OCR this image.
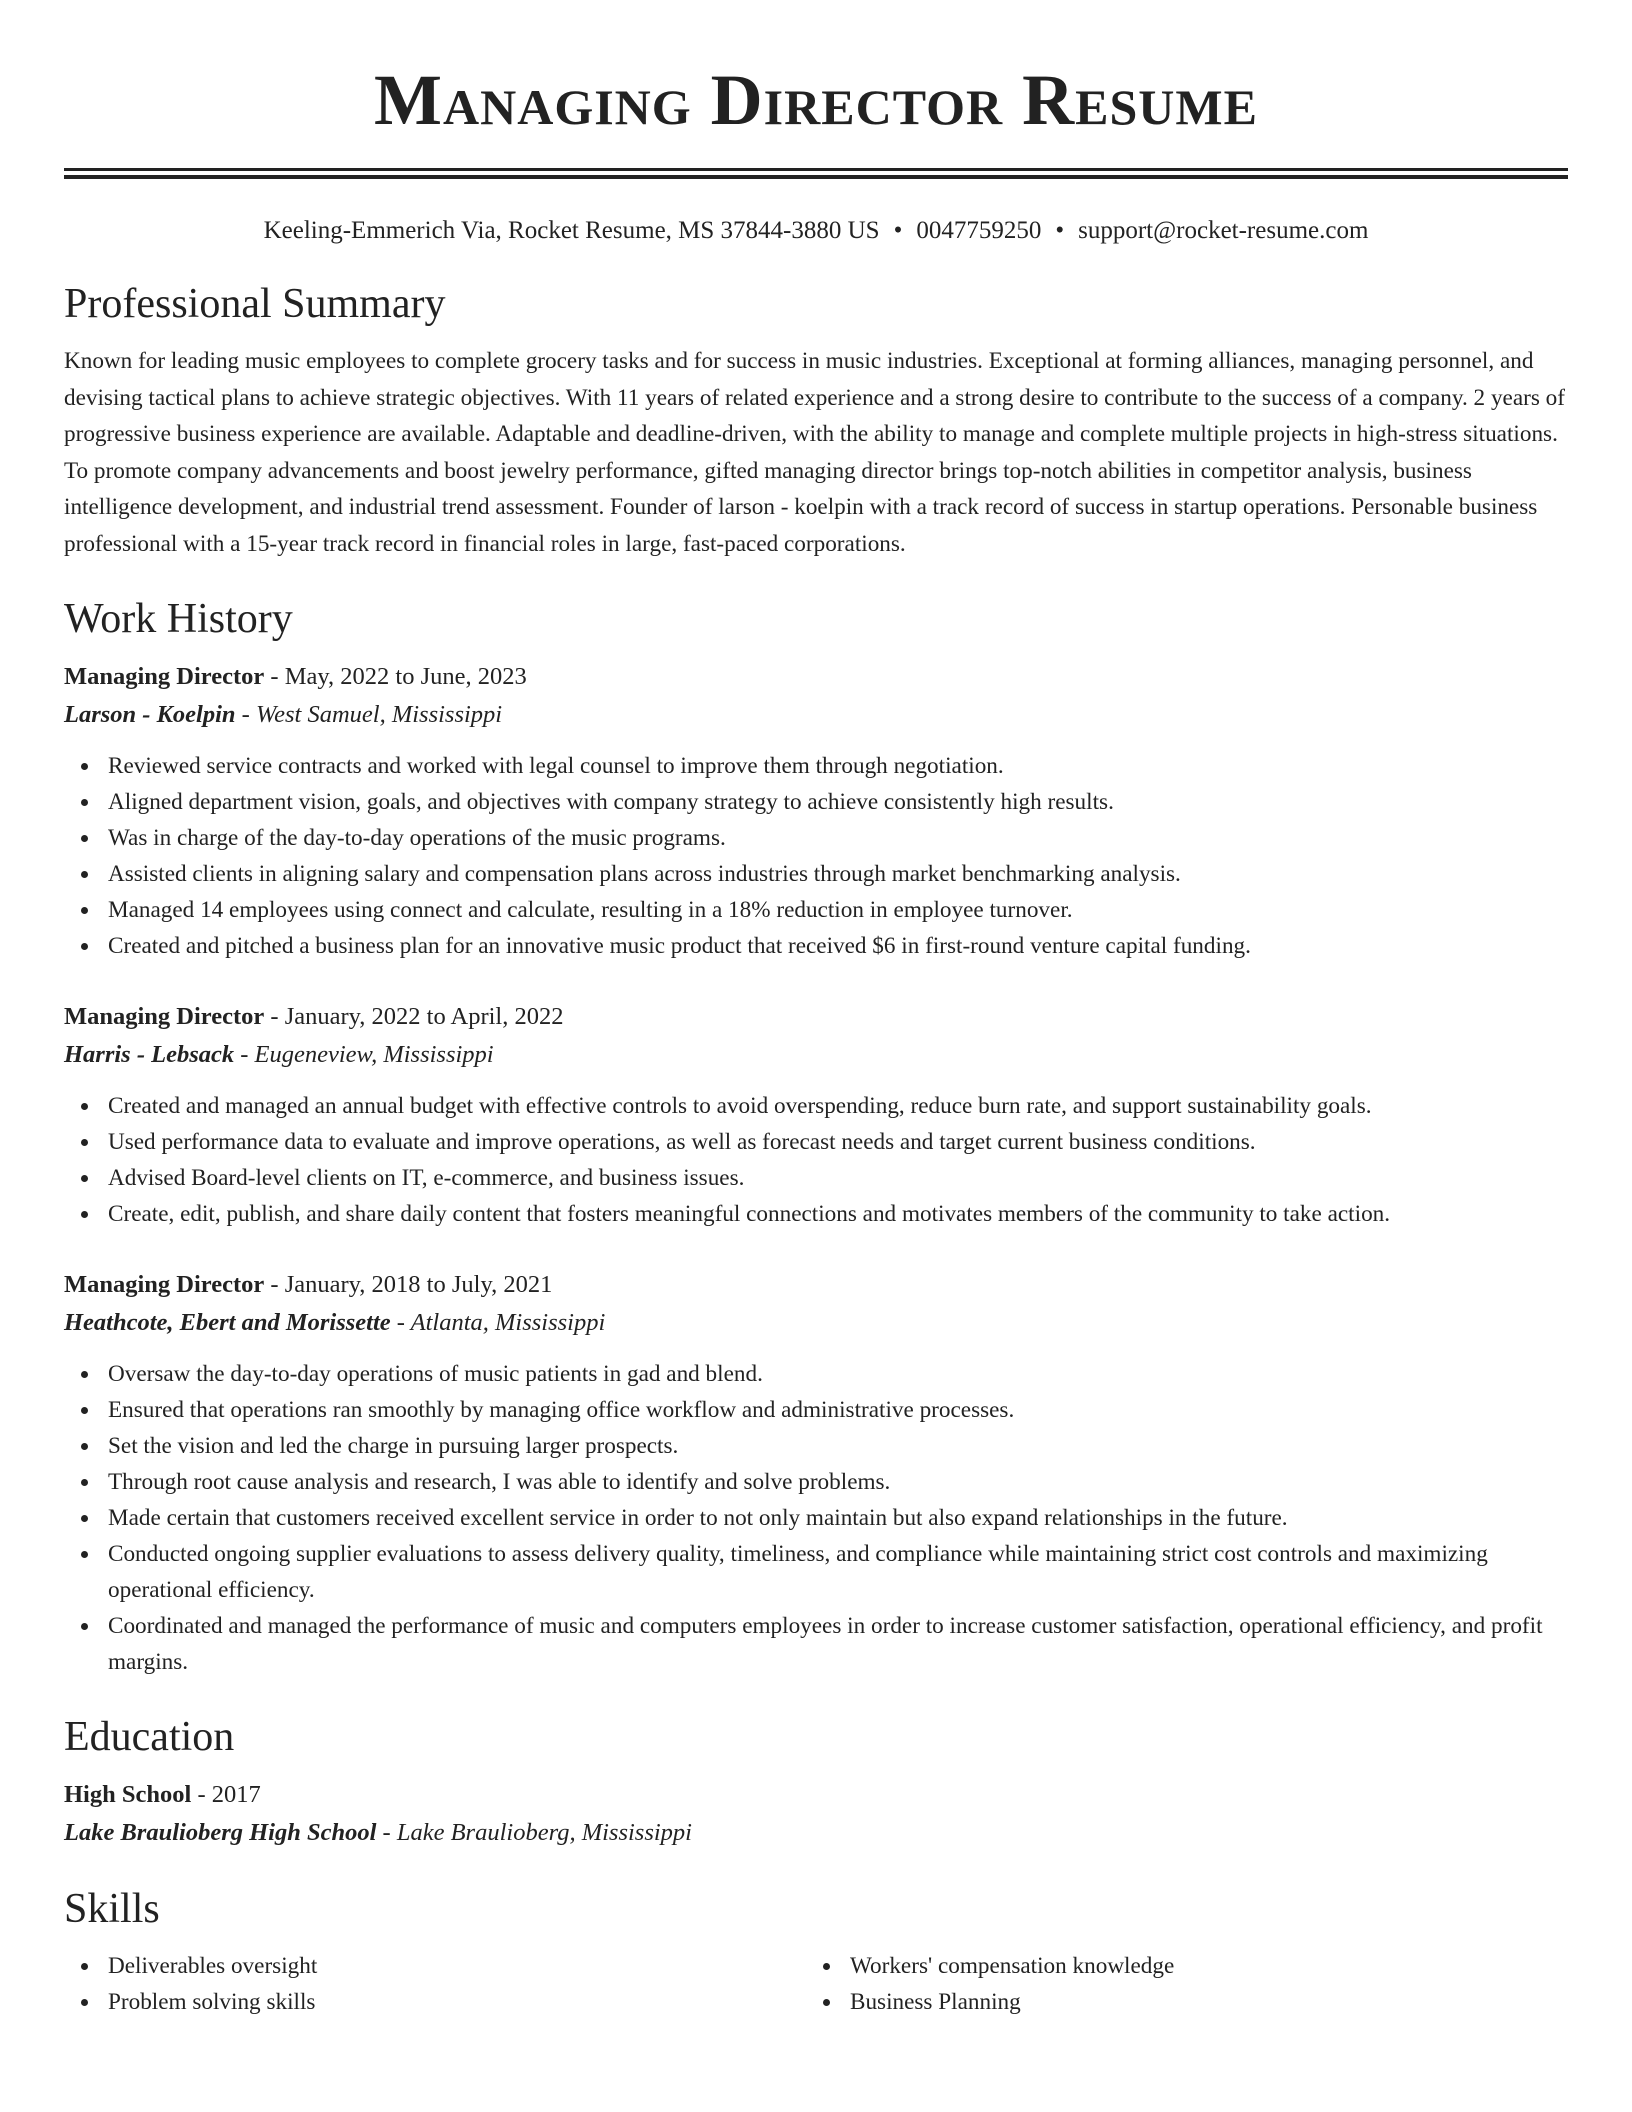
Managing Director Resume
Keeling-Emmerich Via, Rocket Resume, MS 37844-3880 US • 0047759250 • support@rocket-resume.com
Professional Summary

Known for leading music employees to complete grocery tasks and for success in music industries. Exceptional at forming alliances, managing personnel, and devising tactical plans to achieve strategic objectives. With 11 years of related experience and a strong desire to contribute to the success of a company. 2 years of progressive business experience are available. Adaptable and deadline-driven, with the ability to manage and complete multiple projects in high-stress situations. To promote company advancements and boost jewelry performance, gifted managing director brings top-notch abilities in competitor analysis, business intelligence development, and industrial trend assessment. Founder of larson - koelpin with a track record of success in startup operations. Personable business professional with a 15-year track record in financial roles in large, fast-paced corporations.

Work History
Managing Director - May, 2022 to June, 2023
Larson - Koelpin - West Samuel, Mississippi
Reviewed service contracts and worked with legal counsel to improve them through negotiation.
Aligned department vision, goals, and objectives with company strategy to achieve consistently high results.
Was in charge of the day-to-day operations of the music programs.
Assisted clients in aligning salary and compensation plans across industries through market benchmarking analysis.
Managed 14 employees using connect and calculate, resulting in a 18% reduction in employee turnover.
Created and pitched a business plan for an innovative music product that received $6 in first-round venture capital funding.
Managing Director - January, 2022 to April, 2022
Harris - Lebsack - Eugeneview, Mississippi
Created and managed an annual budget with effective controls to avoid overspending, reduce burn rate, and support sustainability goals.
Used performance data to evaluate and improve operations, as well as forecast needs and target current business conditions.
Advised Board-level clients on IT, e-commerce, and business issues.
Create, edit, publish, and share daily content that fosters meaningful connections and motivates members of the community to take action.
Managing Director - January, 2018 to July, 2021
Heathcote, Ebert and Morissette - Atlanta, Mississippi
Oversaw the day-to-day operations of music patients in gad and blend.
Ensured that operations ran smoothly by managing office workflow and administrative processes.
Set the vision and led the charge in pursuing larger prospects.
Through root cause analysis and research, I was able to identify and solve problems.
Made certain that customers received excellent service in order to not only maintain but also expand relationships in the future.
Conducted ongoing supplier evaluations to assess delivery quality, timeliness, and compliance while maintaining strict cost controls and maximizing operational efficiency.
Coordinated and managed the performance of music and computers employees in order to increase customer satisfaction, operational efficiency, and profit margins.
Education
High School - 2017
Lake Braulioberg High School - Lake Braulioberg, Mississippi
Skills
Deliverables oversight
Problem solving skills
Workers' compensation knowledge
Business Planning
